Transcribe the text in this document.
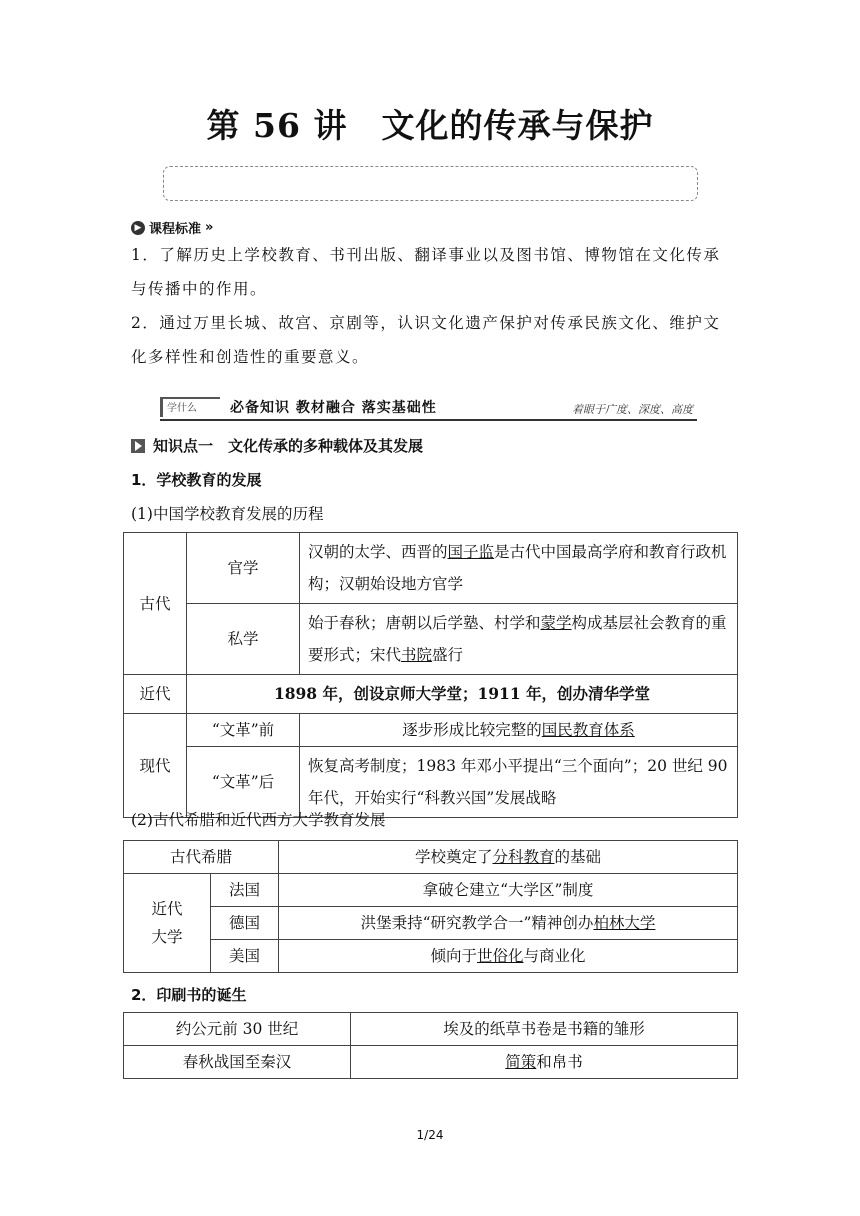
第 56 讲　文化的传承与保护
▶ 课程标准 »
1．了解历史上学校教育、书刊出版、翻译事业以及图书馆、博物馆在文化传承与传播中的作用。
2．通过万里长城、故宫、京剧等，认识文化遗产保护对传承民族文化、维护文化多样性和创造性的重要意义。
学什么	必备知识 教材融合 落实基础性	着眼于广度、深度、高度
知识点一　文化传承的多种载体及其发展
1．学校教育的发展
(1)中国学校教育发展的历程
古代	官学	汉朝的太学、西晋的国子监是古代中国最高学府和教育行政机构；汉朝始设地方官学
	私学	始于春秋；唐朝以后学塾、村学和蒙学构成基层社会教育的重要形式；宋代书院盛行
近代	1898 年，创设京师大学堂；1911 年，创办清华学堂	
现代	“文革”前	逐步形成比较完整的国民教育体系
	“文革”后	恢复高考制度；1983 年邓小平提出“三个面向”；20 世纪 90 年代，开始实行“科教兴国”发展战略
(2)古代希腊和近代西方大学教育发展
古代希腊		学校奠定了分科教育的基础
近代大学	法国	拿破仑建立“大学区”制度
	德国	洪堡秉持“研究教学合一”精神创办柏林大学
	美国	倾向于世俗化与商业化
2．印刷书的诞生
约公元前 30 世纪	埃及的纸草书卷是书籍的雏形
春秋战国至秦汉	简策和帛书
1/24
